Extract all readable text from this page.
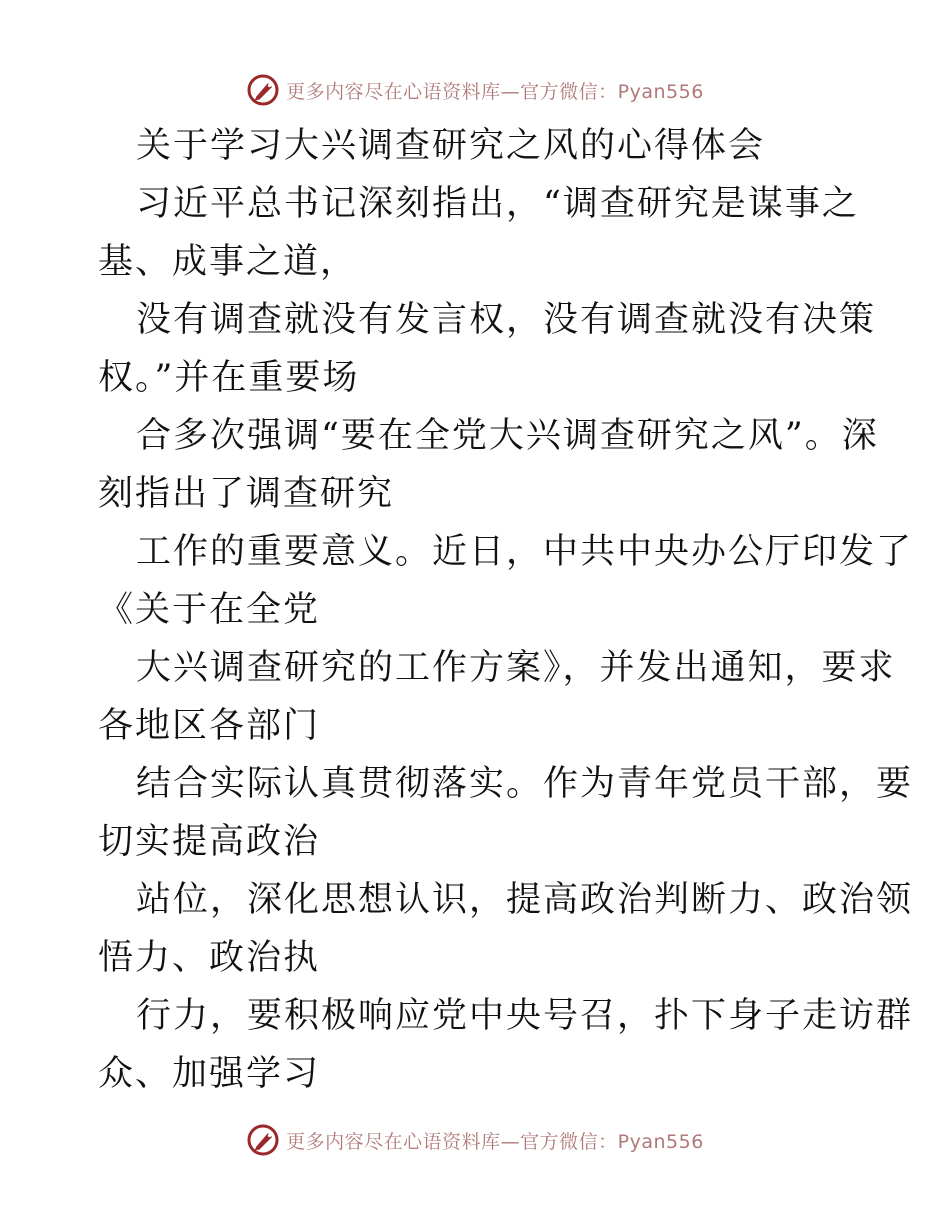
更多内容尽在心语资料库—官方微信：Pyan556
关于学习大兴调查研究之风的心得体会
习近平总书记深刻指出，“调查研究是谋事之
基、成事之道，
没有调查就没有发言权，没有调查就没有决策
权。”并在重要场
合多次强调“要在全党大兴调查研究之风”。深
刻指出了调查研究
工作的重要意义。近日，中共中央办公厅印发了
《关于在全党
大兴调查研究的工作方案》，并发出通知，要求
各地区各部门
结合实际认真贯彻落实。作为青年党员干部，要
切实提高政治
站位，深化思想认识，提高政治判断力、政治领
悟力、政治执
行力，要积极响应党中央号召，扑下身子走访群
众、加强学习
更多内容尽在心语资料库—官方微信：Pyan556
